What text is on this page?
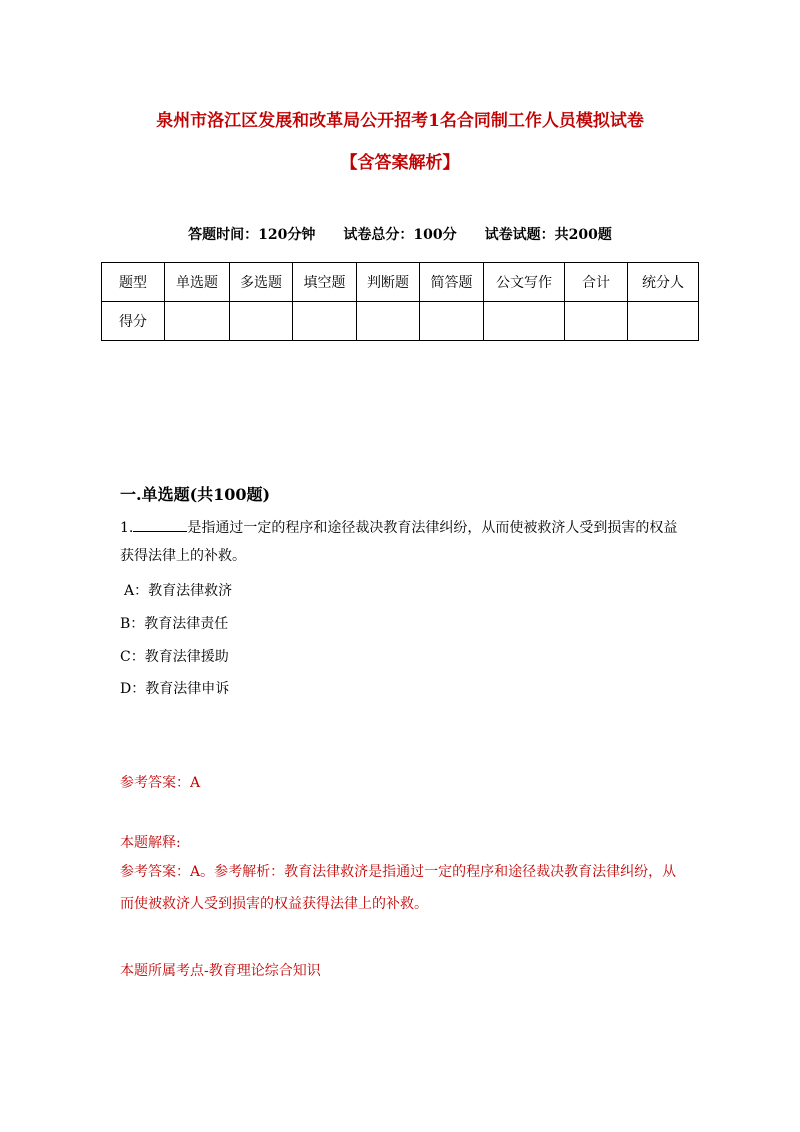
泉州市洛江区发展和改革局公开招考1名合同制工作人员模拟试卷
【含答案解析】
答题时间：120分钟 试卷总分：100分 试卷试题：共200题
题型	单选题	多选题	填空题	判断题	简答题	公文写作	合计	统分人
得分								
一.单选题(共100题)
1.	是指通过一定的程序和途径裁决教育法律纠纷，从而使被救济人受到损害的权益获得法律上的补救。
A：教育法律救济
B：教育法律责任
C：教育法律援助
D：教育法律申诉
参考答案：A
本题解释:
参考答案：A。参考解析：教育法律救济是指通过一定的程序和途径裁决教育法律纠纷，从而使被救济人受到损害的权益获得法律上的补救。
本题所属考点-教育理论综合知识
